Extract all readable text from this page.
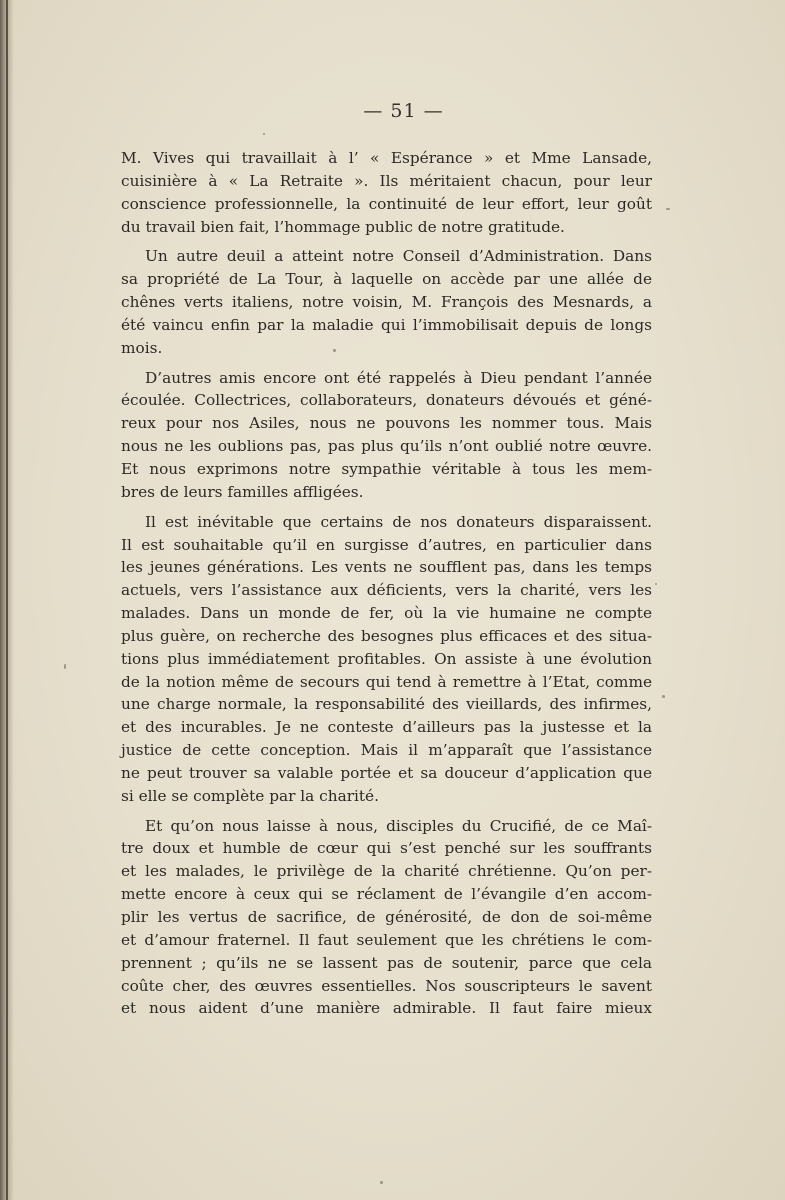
— 51 —

M. Vives qui travaillait à l’ « Espérance » et Mme Lansade,

cuisinière à « La Retraite ». Ils méritaient chacun, pour leur

conscience professionnelle, la continuité de leur effort, leur goût

du travail bien fait, l’hommage public de notre gratitude.

Un autre deuil a atteint notre Conseil d’Administration. Dans

sa propriété de La Tour, à laquelle on accède par une allée de

chênes verts italiens, notre voisin, M. François des Mesnards, a

été vaincu enfin par la maladie qui l’immobilisait depuis de longs

mois.

D’autres amis encore ont été rappelés à Dieu pendant l’année

écoulée. Collectrices, collaborateurs, donateurs dévoués et géné-

reux pour nos Asiles, nous ne pouvons les nommer tous. Mais

nous ne les oublions pas, pas plus qu’ils n’ont oublié notre œuvre.

Et nous exprimons notre sympathie véritable à tous les mem-

bres de leurs familles affligées.

Il est inévitable que certains de nos donateurs disparaissent.

Il est souhaitable qu’il en surgisse d’autres, en particulier dans

les jeunes générations. Les vents ne soufflent pas, dans les temps

actuels, vers l’assistance aux déficients, vers la charité, vers les

malades. Dans un monde de fer, où la vie humaine ne compte

plus guère, on recherche des besognes plus efficaces et des situa-

tions plus immédiatement profitables. On assiste à une évolution

de la notion même de secours qui tend à remettre à l’Etat, comme

une charge normale, la responsabilité des vieillards, des infirmes,

et des incurables. Je ne conteste d’ailleurs pas la justesse et la

justice de cette conception. Mais il m’apparaît que l’assistance

ne peut trouver sa valable portée et sa douceur d’application que

si elle se complète par la charité.

Et qu’on nous laisse à nous, disciples du Crucifié, de ce Maî-

tre doux et humble de cœur qui s’est penché sur les souffrants

et les malades, le privilège de la charité chrétienne. Qu’on per-

mette encore à ceux qui se réclament de l’évangile d’en accom-

plir les vertus de sacrifice, de générosité, de don de soi-même

et d’amour fraternel. Il faut seulement que les chrétiens le com-

prennent ; qu’ils ne se lassent pas de soutenir, parce que cela

coûte cher, des œuvres essentielles. Nos souscripteurs le savent

et nous aident d’une manière admirable. Il faut faire mieux
